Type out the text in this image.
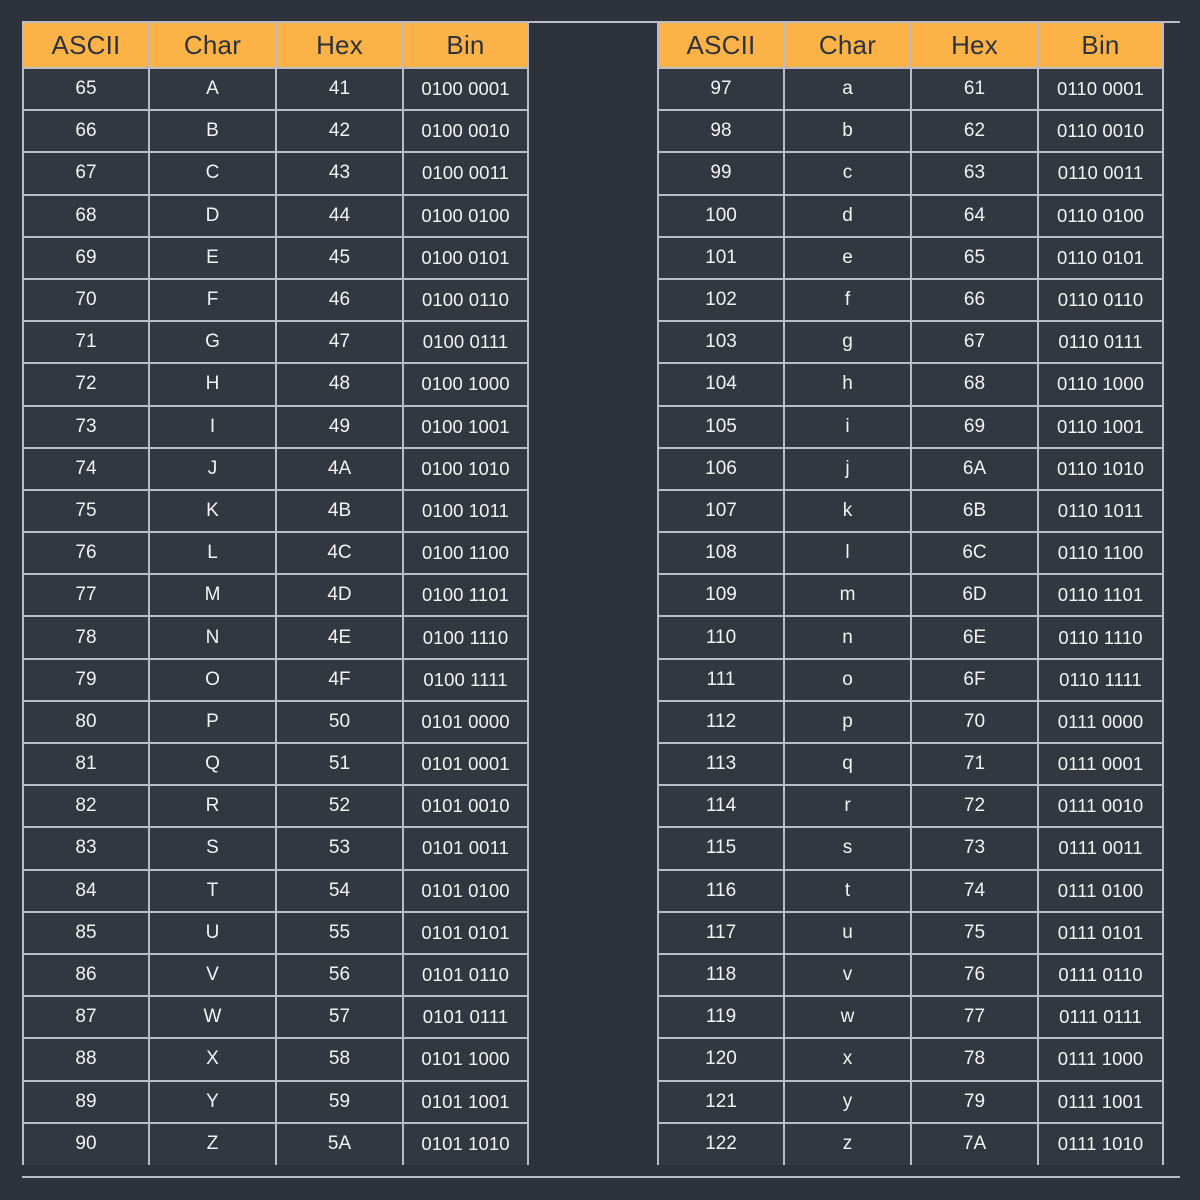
ASCII	Char	Hex	Bin
65	A	41	0100 0001
66	B	42	0100 0010
67	C	43	0100 0011
68	D	44	0100 0100
69	E	45	0100 0101
70	F	46	0100 0110
71	G	47	0100 0111
72	H	48	0100 1000
73	I	49	0100 1001
74	J	4A	0100 1010
75	K	4B	0100 1011
76	L	4C	0100 1100
77	M	4D	0100 1101
78	N	4E	0100 1110
79	O	4F	0100 1111
80	P	50	0101 0000
81	Q	51	0101 0001
82	R	52	0101 0010
83	S	53	0101 0011
84	T	54	0101 0100
85	U	55	0101 0101
86	V	56	0101 0110
87	W	57	0101 0111
88	X	58	0101 1000
89	Y	59	0101 1001
90	Z	5A	0101 1010
ASCII	Char	Hex	Bin
97	a	61	0110 0001
98	b	62	0110 0010
99	c	63	0110 0011
100	d	64	0110 0100
101	e	65	0110 0101
102	f	66	0110 0110
103	g	67	0110 0111
104	h	68	0110 1000
105	i	69	0110 1001
106	j	6A	0110 1010
107	k	6B	0110 1011
108	l	6C	0110 1100
109	m	6D	0110 1101
110	n	6E	0110 1110
111	o	6F	0110 1111
112	p	70	0111 0000
113	q	71	0111 0001
114	r	72	0111 0010
115	s	73	0111 0011
116	t	74	0111 0100
117	u	75	0111 0101
118	v	76	0111 0110
119	w	77	0111 0111
120	x	78	0111 1000
121	y	79	0111 1001
122	z	7A	0111 1010
